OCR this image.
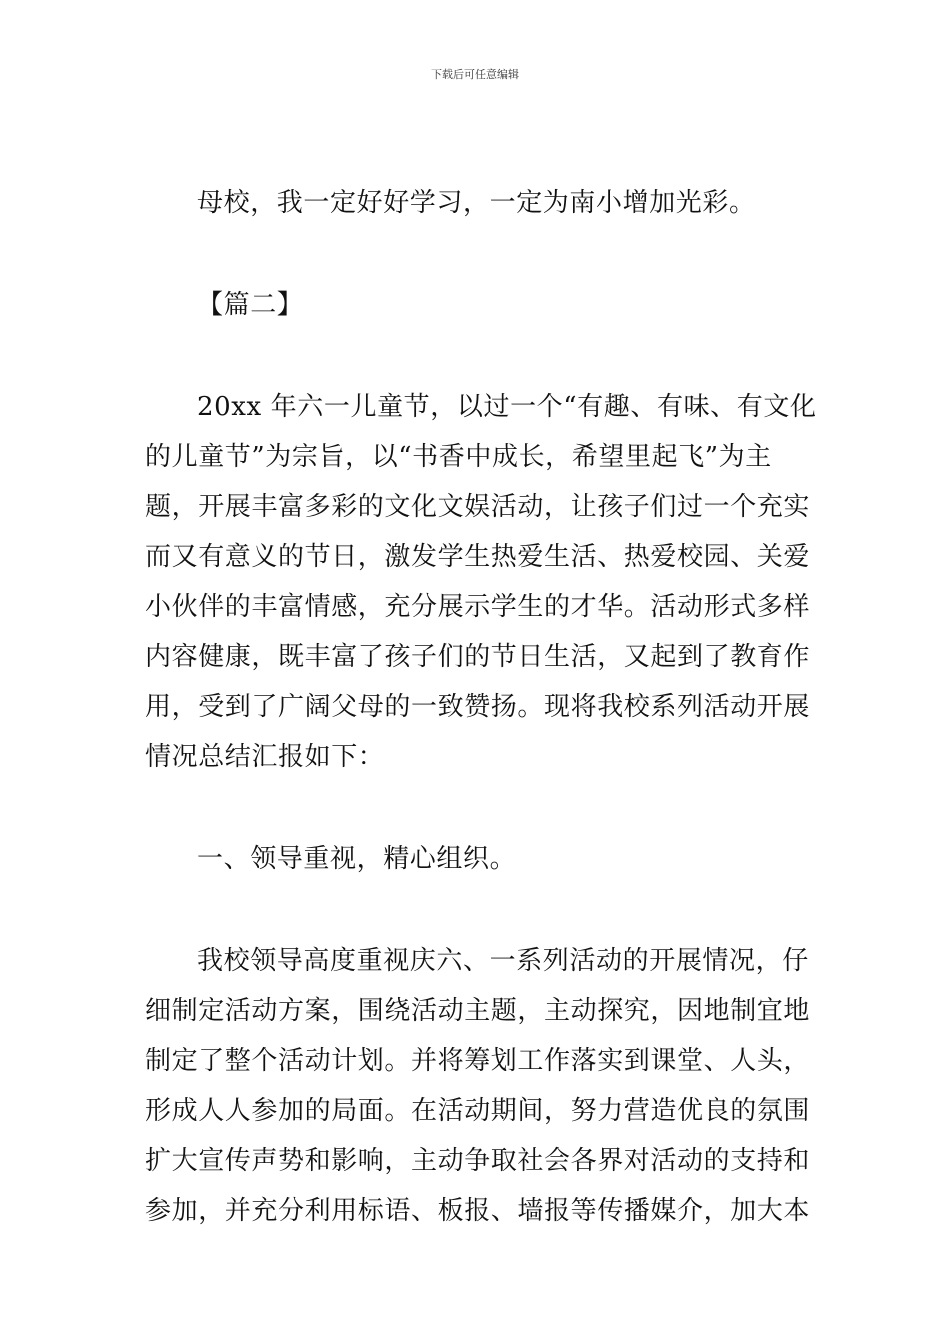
下载后可任意编辑
母校，我一定好好学习，一定为南小增加光彩。
【篇二】
20xx 年六一儿童节，以过一个“有趣、有味、有文化
的儿童节”为宗旨，以“书香中成长，希望里起飞”为主
题，开展丰富多彩的文化文娱活动，让孩子们过一个充实
而又有意义的节日，激发学生热爱生活、热爱校园、关爱
小伙伴的丰富情感，充分展示学生的才华。活动形式多样
内容健康，既丰富了孩子们的节日生活，又起到了教育作
用，受到了广阔父母的一致赞扬。现将我校系列活动开展
情况总结汇报如下：
一、领导重视，精心组织。
我校领导高度重视庆六、一系列活动的开展情况，仔
细制定活动方案，围绕活动主题，主动探究，因地制宜地
制定了整个活动计划。并将筹划工作落实到课堂、人头，
形成人人参加的局面。在活动期间，努力营造优良的氛围
扩大宣传声势和影响，主动争取社会各界对活动的支持和
参加，并充分利用标语、板报、墙报等传播媒介，加大本
